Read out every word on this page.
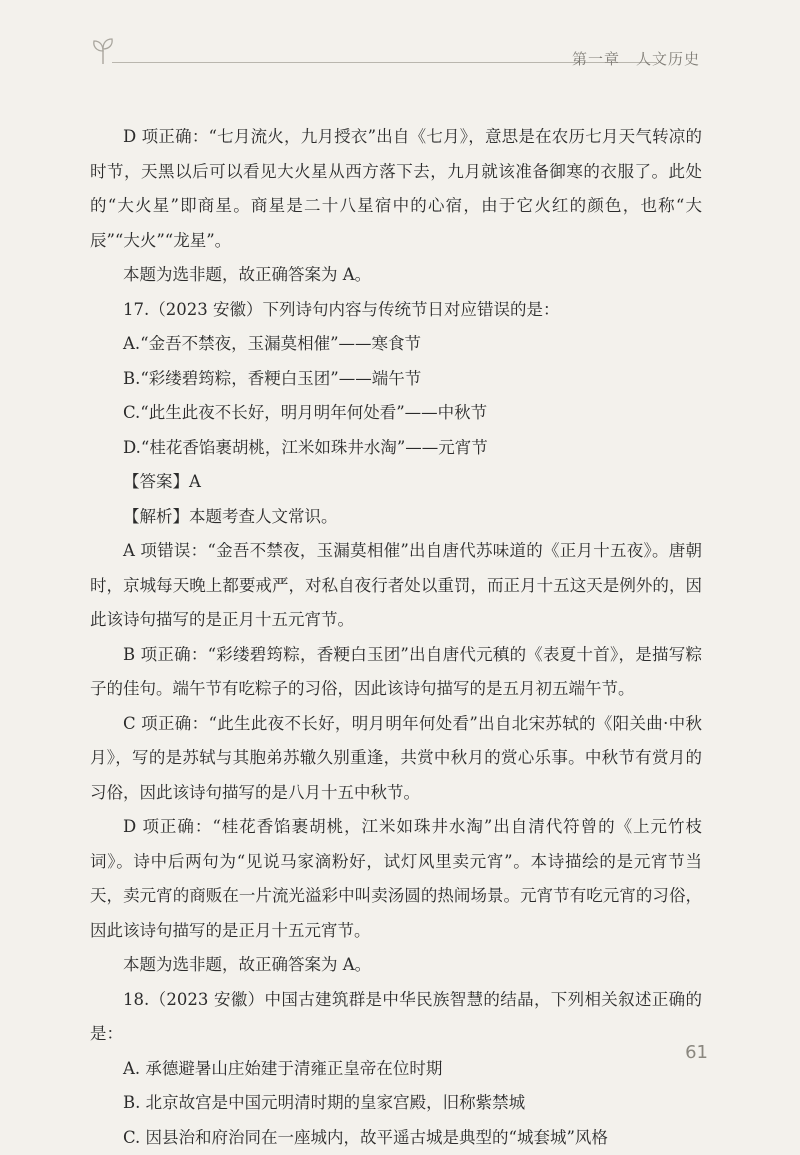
第一章　人文历史

D 项正确：“七月流火，九月授衣”出自《七月》，意思是在农历七月天气转凉的时节，天黑以后可以看见大火星从西方落下去，九月就该准备御寒的衣服了。此处的“大火星”即商星。商星是二十八星宿中的心宿，由于它火红的颜色，也称“大辰”“大火”“龙星”。

本题为选非题，故正确答案为 A。

17.（2023 安徽）下列诗句内容与传统节日对应错误的是：

A.“金吾不禁夜，玉漏莫相催”——寒食节

B.“彩缕碧筠粽，香粳白玉团”——端午节

C.“此生此夜不长好，明月明年何处看”——中秋节

D.“桂花香馅裹胡桃，江米如珠井水淘”——元宵节

【答案】A

【解析】本题考查人文常识。

A 项错误：“金吾不禁夜，玉漏莫相催”出自唐代苏味道的《正月十五夜》。唐朝时，京城每天晚上都要戒严，对私自夜行者处以重罚，而正月十五这天是例外的，因此该诗句描写的是正月十五元宵节。

B 项正确：“彩缕碧筠粽，香粳白玉团”出自唐代元稹的《表夏十首》，是描写粽子的佳句。端午节有吃粽子的习俗，因此该诗句描写的是五月初五端午节。

C 项正确：“此生此夜不长好，明月明年何处看”出自北宋苏轼的《阳关曲·中秋月》，写的是苏轼与其胞弟苏辙久别重逢，共赏中秋月的赏心乐事。中秋节有赏月的习俗，因此该诗句描写的是八月十五中秋节。

D 项正确：“桂花香馅裹胡桃，江米如珠井水淘”出自清代符曾的《上元竹枝词》。诗中后两句为“见说马家滴粉好，试灯风里卖元宵”。本诗描绘的是元宵节当天，卖元宵的商贩在一片流光溢彩中叫卖汤圆的热闹场景。元宵节有吃元宵的习俗，因此该诗句描写的是正月十五元宵节。

本题为选非题，故正确答案为 A。

18.（2023 安徽）中国古建筑群是中华民族智慧的结晶，下列相关叙述正确的是：

A. 承德避暑山庄始建于清雍正皇帝在位时期

B. 北京故宫是中国元明清时期的皇家宫殿，旧称紫禁城

C. 因县治和府治同在一座城内，故平遥古城是典型的“城套城”风格

61
